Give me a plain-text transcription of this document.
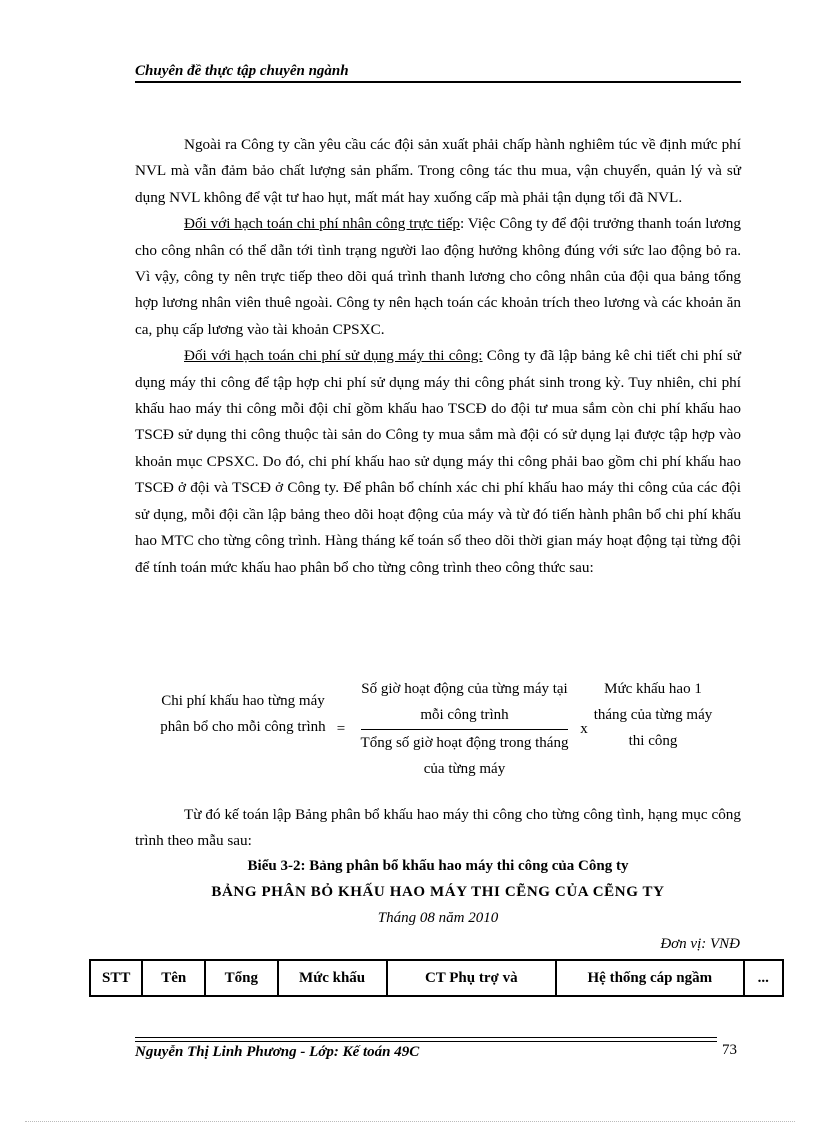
Chuyên đề thực tập chuyên ngành

Ngoài ra Công ty cần yêu cầu các đội sản xuất phải chấp hành nghiêm túc về định mức phí NVL mà vẫn đảm bảo chất lượng sản phẩm. Trong công tác thu mua, vận chuyển, quản lý và sử dụng NVL không để vật tư hao hụt, mất mát hay xuống cấp mà phải tận dụng tối đã NVL.

Đối với hạch toán chi phí nhân công trực tiếp: Việc Công ty để đội trưởng thanh toán lương cho công nhân có thể dẫn tới tình trạng người lao động hưởng không đúng với sức lao động bỏ ra. Vì vậy, công ty nên trực tiếp theo dõi quá trình thanh lương cho công nhân của đội qua bảng tổng hợp lương nhân viên thuê ngoài. Công ty nên hạch toán các khoản trích theo lương và các khoản ăn ca, phụ cấp lương vào tài khoản CPSXC.

Đối với hạch toán chi phí sử dụng máy thi công: Công ty đã lập bảng kê chi tiết chi phí sử dụng máy thi công để tập hợp chi phí sử dụng máy thi công phát sinh trong kỳ. Tuy nhiên, chi phí khấu hao máy thi công mỗi đội chỉ gồm khấu hao TSCĐ do đội tư mua sắm còn chi phí khấu hao TSCĐ sử dụng thi công thuộc tài sản do Công ty mua sắm mà đội có sử dụng lại được tập hợp vào khoản mục CPSXC. Do đó, chi phí khấu hao sử dụng máy thi công phải bao gồm chi phí khấu hao TSCĐ ở đội và TSCĐ ở Công ty. Để phân bổ chính xác chi phí khấu hao máy thi công của các đội sử dụng, mỗi đội cần lập bảng theo dõi hoạt động của máy và từ đó tiến hành phân bổ chi phí khấu hao MTC cho từng công trình. Hàng tháng kế toán sổ theo dõi thời gian máy hoạt động tại từng đội để tính toán mức khấu hao phân bổ cho từng công trình theo công thức sau:

Chi phí khấu hao từng máy phân bổ cho mỗi công trình =
Số giờ hoạt động của từng máy tại mỗi công trình
Tổng số giờ hoạt động trong tháng của từng máy
x
Mức khấu hao 1 tháng của từng máy thi công

Từ đó kế toán lập Bảng phân bổ khấu hao máy thi công cho từng công tình, hạng mục công trình theo mẫu sau:

Biểu 3-2: Bảng phân bổ khấu hao máy thi công của Công ty
BẢNG PHÂN BỎ KHẤU HAO MÁY THI CẼNG CỦA CẼNG TY
Tháng 08 năm 2010
Đơn vị: VNĐ
STT	Tên	Tổng	Mức khấu	CT Phụ trợ và	Hệ thống cáp ngầm	...
Nguyễn Thị Linh Phương - Lớp: Kế toán 49C	73
